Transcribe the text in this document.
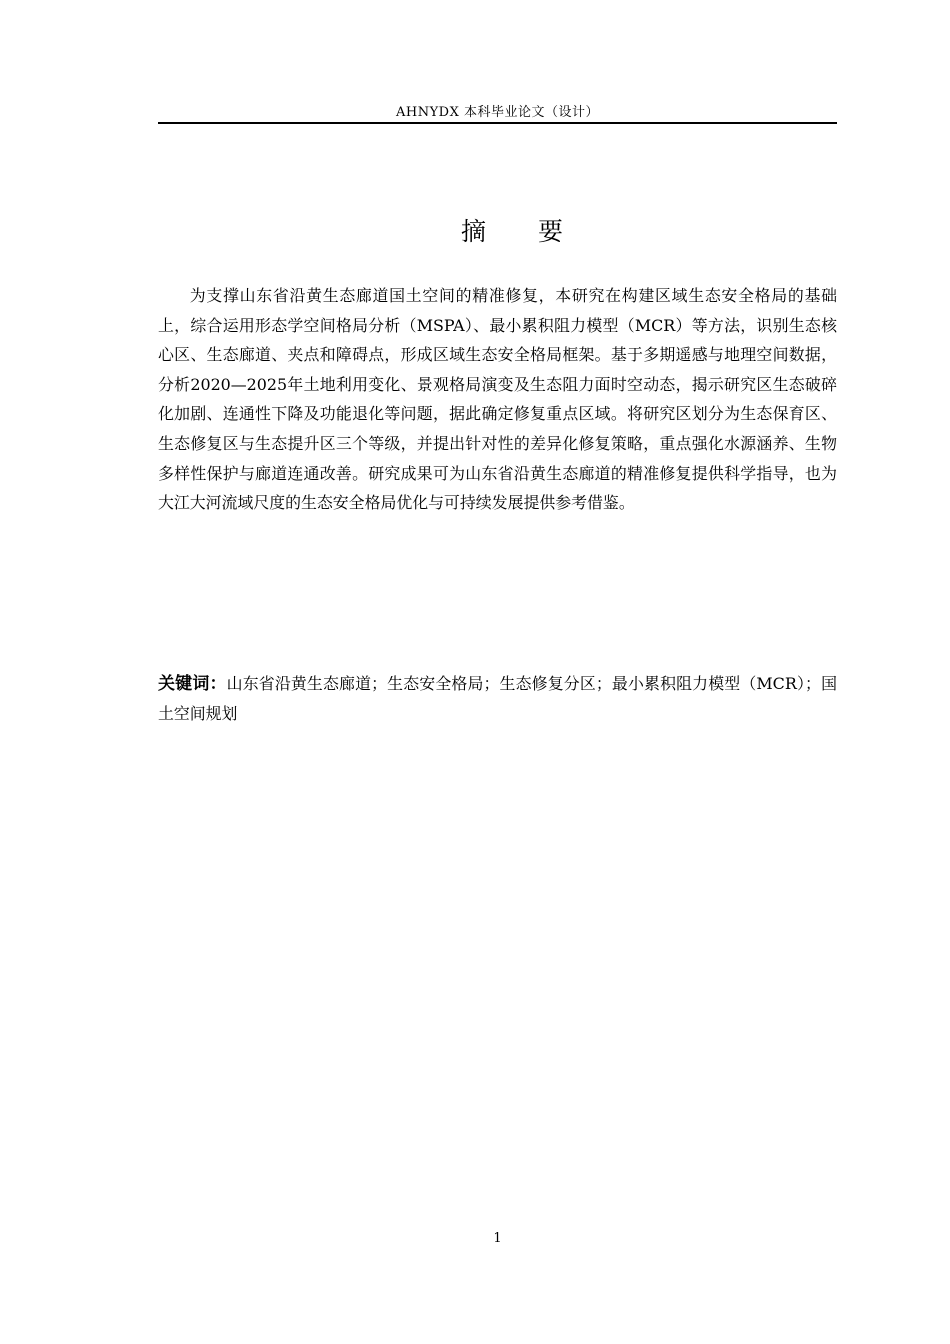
AHNYDX 本科毕业论文（设计）
摘 要

为支撑山东省沿黄生态廊道国土空间的精准修复，本研究在构建区域生态安全格局的基础上，综合运用形态学空间格局分析（MSPA）、最小累积阻力模型（MCR）等方法，识别生态核心区、生态廊道、夹点和障碍点，形成区域生态安全格局框架。基于多期遥感与地理空间数据，分析2020—2025年土地利用变化、景观格局演变及生态阻力面时空动态，揭示研究区生态破碎化加剧、连通性下降及功能退化等问题，据此确定修复重点区域。将研究区划分为生态保育区、生态修复区与生态提升区三个等级，并提出针对性的差异化修复策略，重点强化水源涵养、生物多样性保护与廊道连通改善。研究成果可为山东省沿黄生态廊道的精准修复提供科学指导，也为大江大河流域尺度的生态安全格局优化与可持续发展提供参考借鉴。

关键词：山东省沿黄生态廊道；生态安全格局；生态修复分区；最小累积阻力模型（MCR）；国土空间规划

1
